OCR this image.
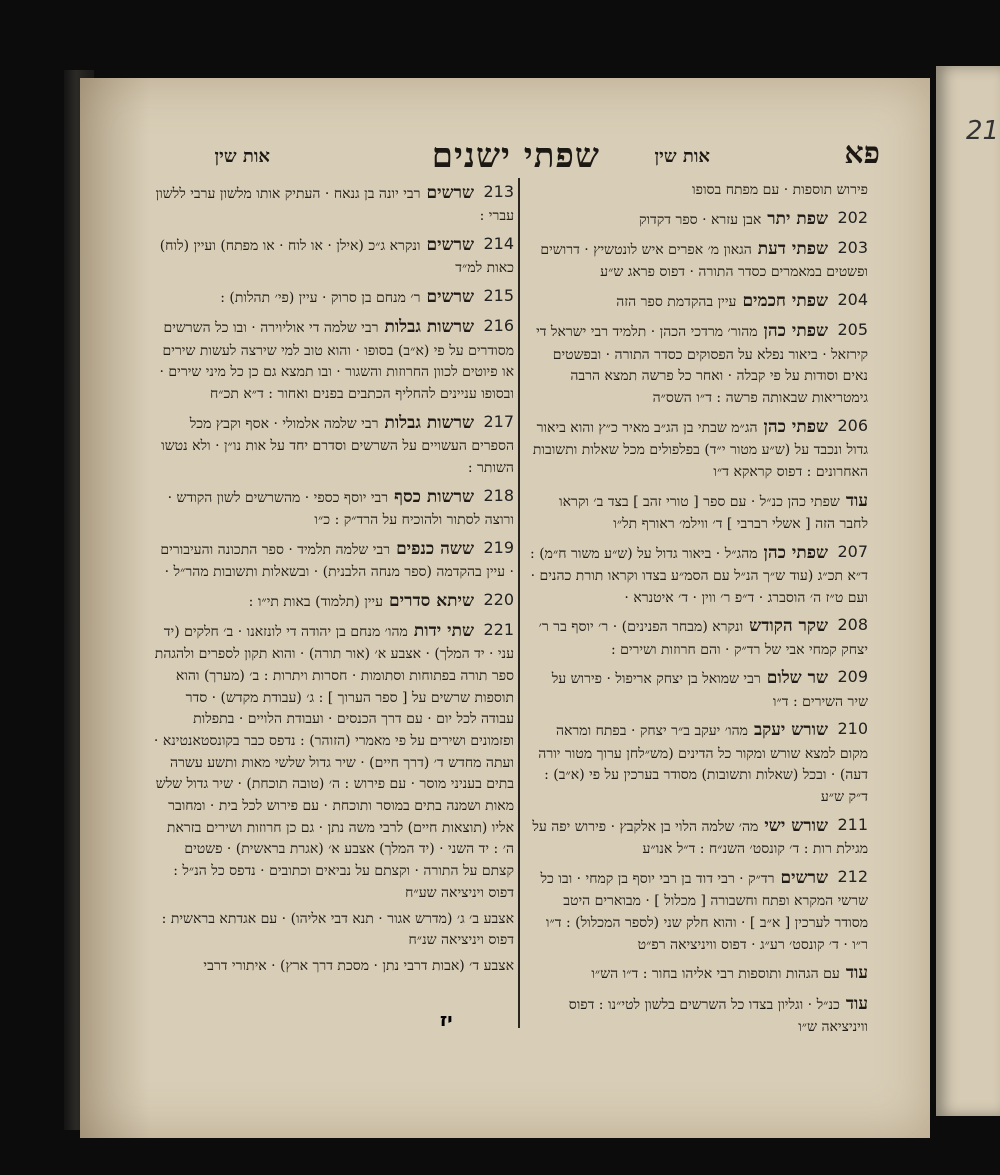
21
פא
אות שין
שפתי ישנים
אות שין
פירוש תוספות · עם מפתח בסופו
202
שפת יתראבן עזרא · ספר דקדוק
203
שפתי דעתהגאון מ׳ אפרים איש לונטשיץ · דרושים ופשטים במאמרים כסדר התורה · דפוס פראג ש״ע
204
שפתי חכמיםעיין בהקדמת ספר הזה
205
שפתי כהןמהור׳ מרדכי הכהן · תלמיד רבי ישראל די קירזאל · ביאור נפלא על הפסוקים כסדר התורה · ובפשטים נאים וסודות על פי קבלה · ואחר כל פרשה תמצא הרבה גימטריאות שבאותה פרשה : ד״ו השס״ה
206
שפתי כהןהג״מ שבתי בן הג״ב מאיר כ״ץ והוא ביאור גדול ונכבד על (ש״ע מטור י״ד) בפלפולים מכל שאלות ותשובות האחרונים : דפוס קראקא ד״ו
עודשפתי כהן כנ״ל · עם ספר [ טורי זהב ] בצד ב׳ וקראו לחבר הזה [ אשלי רברבי ] ד׳ ווילמ׳ ראורף תל״ו
207
שפתי כהןמהג״ל · ביאור גדול על (ש״ע משור ח״מ) : ד״א תכ״ג (עוד ש״ך הנ״ל עם הסמ״ע בצדו וקראו תורת כהנים · ועם ט״ז ה׳ הוסברג · ד״פ ר׳ ווין · ד׳ איטנרא ·
208
שקר הקודשונקרא (מבחר הפנינים) · ר׳ יוסף בר ר׳ יצחק קמחי אבי של רד״ק · והם חרוזות ושירים :
209
שר שלוםרבי שמואל בן יצחק אריפול · פירוש על שיר השירים : ד״ו
210
שורש יעקבמהו׳ יעקב ב״ר יצחק · בפתח ומראה מקום למצא שורש ומקור כל הדינים (מש״לחן ערוך מטור יורה דעה) · ובכל (שאלות ותשובות) מסודר בערכין על פי (א״ב) : ד״ק ש״ע
211
שורש ישימה׳ שלמה הלוי בן אלקבץ · פירוש יפה על מגילת רות : ד׳ קונסט׳ השנ״ח : ד״ל אנו״ע
212
שרשיםרד״ק · רבי דוד בן רבי יוסף בן קמחי · ובו כל שרשי המקרא ופתח וחשבורה [ מכלול ] · מבוארים היטב מסודר לערכין [ א״ב ] · והוא חלק שני (לספר המכלול) : ד״ו ר״ו · ד׳ קונסט׳ רע״ג · דפוס וויניציאה רפ״ט
עודעם הגהות ותוספות רבי אליהו בחור : ד״ו הש״ו
עודכנ״ל · וגליון בצדו כל השרשים בלשון לטי״נו : דפוס וויניציאה ש״ו
213
שרשיםרבי יונה בן גנאח · העתיק אותו מלשון ערבי ללשון עברי :
214
שרשיםונקרא ג״כ (אילן · או לוח · או מפתח) ועיין (לוח) כאות למ״ד
215
שרשיםר׳ מנחם בן סרוק · עיין (פי׳ תהלות) :
216
שרשות גבלותרבי שלמה די אוליוירה · ובו כל השרשים מסודרים על פי (א״ב) בסופו · והוא טוב למי שירצה לעשות שירים או פיוטים לכוון החרוזות והשגור · ובו תמצא גם כן כל מיני שירים · ובסופו עניינים להחליף הכתבים בפנים ואחור : ד״א תכ״ח
217
שרשות גבלותרבי שלמה אלמולי · אסף וקבץ מכל הספרים העשויים על השרשים וסדרם יחד על אות נו״ן · ולא נטשו השותר :
218
שרשות כסףרבי יוסף כספי · מהשרשים לשון הקודש · ורוצה לסתור ולהוכיח על הרד״ק : כ״ו
219
ששה כנפיםרבי שלמה תלמיד · ספר התכונה והעיבורים · עיין בהקדמה (ספר מנחה הלבנית) · ובשאלות ותשובות מהר״ל ·
220
שיתא סדריםעיין (תלמוד) באות תי״ו :
221
שתי ידותמהו׳ מנחם בן יהודה די לונזאנו · ב׳ חלקים (יד עני · יד המלך) · אצבע א׳ (אור תורה) · והוא תקון לספרים ולהגהת ספר תורה בפתוחות וסתומות · חסרות ויתרות : ב׳ (מערך) והוא תוספות שרשים על [ ספר הערוך ] : ג׳ (עבודת מקדש) · סדר עבודה לכל יום · עם דרך הכנסים · ועבודת הלויים · בתפלות ופזמונים ושירים על פי מאמרי (הזוהר) : נדפס כבר בקונסטאנטינא · ועתה מחדש ד׳ (דרך חיים) · שיר גדול שלשי מאות ותשע עשרה בתים בעניני מוסר · עם פירוש : ה׳ (טובה תוכחת) · שיר גדול שלש מאות ושמנה בתים במוסר ותוכחת · עם פירוש לכל בית · ומחובר אליו (תוצאות חיים) לרבי משה נתן · גם כן חרוזות ושירים בזראת ה׳ : יד השני · (יד המלך) אצבע א׳ (אגרת בראשית) · פשטים קצתם על התורה · וקצתם על נביאים וכתובים · נדפס כל הנ״ל : דפוס ויניציאה שע״ח
אצבע ב׳ ג׳ (מדרש אגור · תנא דבי אליהו) · עם אגדתא בראשית : דפוס ויניציאה שנ״ח
אצבע ד׳ (אבות דרבי נתן · מסכת דרך ארץ) · איתורי דרבי
יז
